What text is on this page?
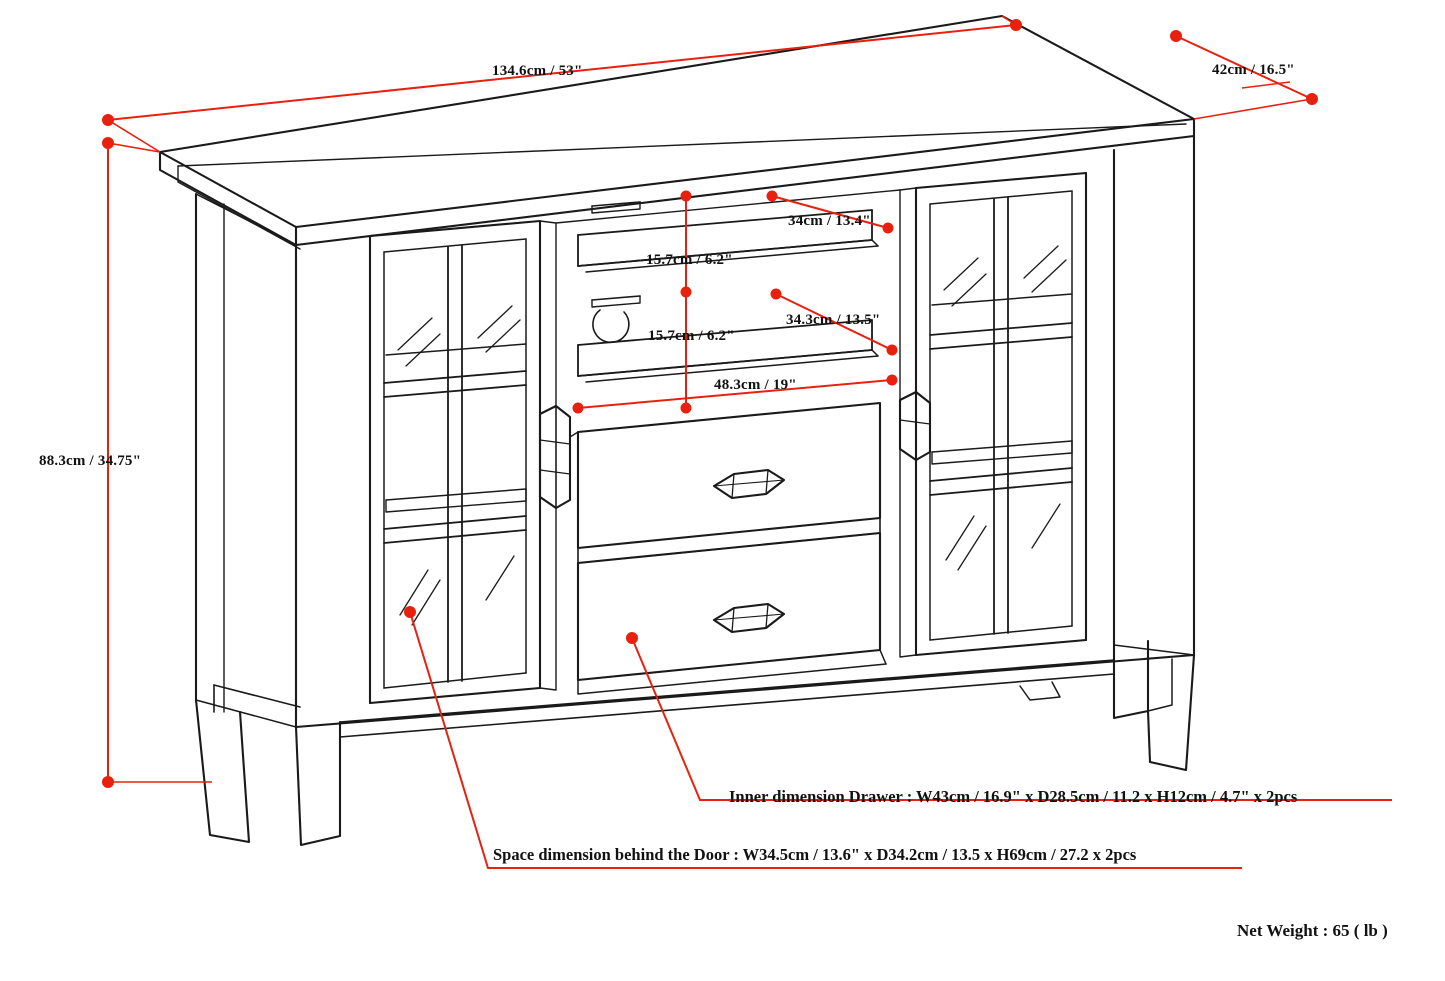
134.6cm / 53"	42cm / 16.5"
88.3cm / 34.75"
34cm / 13.4"
15.7cm / 6.2"
15.7cm / 6.2"
34.3cm / 13.5"
48.3cm / 19"
Inner dimension Drawer : W43cm / 16.9" x D28.5cm / 11.2 x H12cm / 4.7" x 2pcs
Space dimension behind the Door : W34.5cm / 13.6" x D34.2cm / 13.5 x H69cm / 27.2 x 2pcs
Net Weight : 65 ( lb )
